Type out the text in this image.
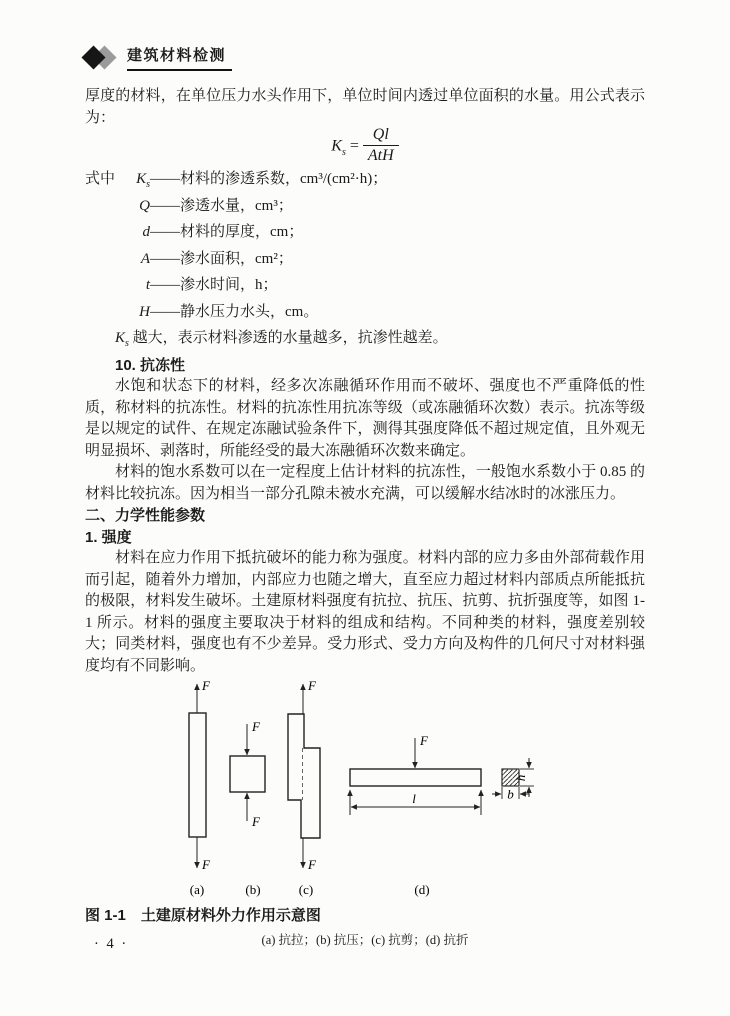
建筑材料检测

厚度的材料，在单位压力水头作用下，单位时间内透过单位面积的水量。用公式表示为：

$K_s = \frac{Ql}{\text{AtH}}$
式中	$K_s$ —— 材料的渗透系数，cm³/(cm²·h)；
Q —— 渗透水量，cm³；
d —— 材料的厚度，cm；
A —— 渗水面积，cm²；
t —— 渗水时间，h；
H —— 静水压力水头，cm。

$K_s$ 越大，表示材料渗透的水量越多，抗渗性越差。

10. 抗冻性

水饱和状态下的材料，经多次冻融循环作用而不破坏、强度也不严重降低的性质，称材料的抗冻性。材料的抗冻性用抗冻等级（或冻融循环次数）表示。抗冻等级是以规定的试件、在规定冻融试验条件下，测得其强度降低不超过规定值，且外观无明显损坏、剥落时，所能经受的最大冻融循环次数来确定。

材料的饱水系数可以在一定程度上估计材料的抗冻性，一般饱水系数小于 0.85 的材料比较抗冻。因为相当一部分孔隙未被水充满，可以缓解水结冰时的冰涨压力。

二、力学性能参数

1. 强度

材料在应力作用下抵抗破坏的能力称为强度。材料内部的应力多由外部荷载作用而引起，随着外力增加，内部应力也随之增大，直至应力超过材料内部质点所能抵抗的极限，材料发生破坏。土建原材料强度有抗拉、抗压、抗剪、抗折强度等，如图 1-1 所示。材料的强度主要取决于材料的组成和结构。不同种类的材料，强度差别较大；同类材料，强度也有不少差异。受力形式、受力方向及构件的几何尺寸对材料强度均有不同影响。

F
F
(a)
F
F
(b)
F
F
(c)
F
l
(d)
b
h

图 1-1　土建原材料外力作用示意图

(a) 抗拉；(b) 抗压；(c) 抗剪；(d) 抗折

· 4 ·
